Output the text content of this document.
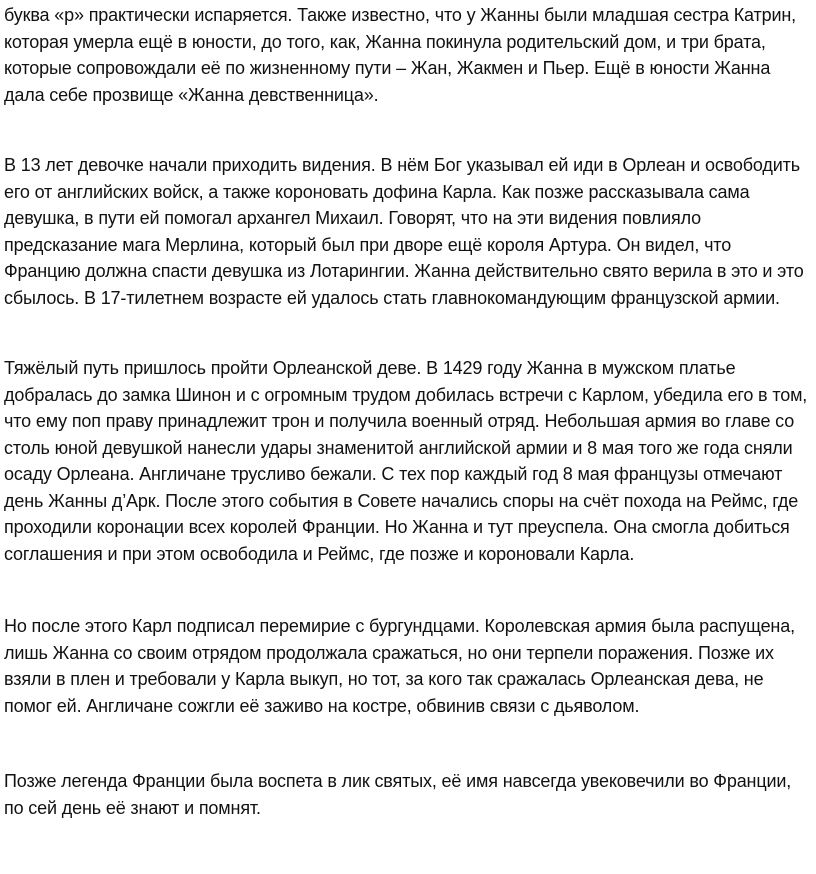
буква «р» практически испаряется. Также известно, что у Жанны были младшая сестра Катрин, которая умерла ещё в юности, до того, как, Жанна покинула родительский дом, и три брата, которые сопровождали её по жизненному пути – Жан, Жакмен и Пьер. Ещё в юности Жанна дала себе прозвище «Жанна девственница».

В 13 лет девочке начали приходить видения. В нём Бог указывал ей иди в Орлеан и освободить его от английских войск, а также короновать дофина Карла. Как позже рассказывала сама девушка, в пути ей помогал архангел Михаил. Говорят, что на эти видения повлияло предсказание мага Мерлина, который был при дворе ещё короля Артура. Он видел, что Францию должна спасти девушка из Лотарингии. Жанна действительно свято верила в это и это сбылось. В 17-тилетнем возрасте ей удалось стать главнокомандующим французской армии.

Тяжёлый путь пришлось пройти Орлеанской деве. В 1429 году Жанна в мужском платье добралась до замка Шинон и с огромным трудом добилась встречи с Карлом, убедила его в том, что ему поп праву принадлежит трон и получила военный отряд. Небольшая армия во главе со столь юной девушкой нанесли удары знаменитой английской армии и 8 мая того же года сняли осаду Орлеана. Англичане трусливо бежали. С тех пор каждый год 8 мая французы отмечают день Жанны д’Арк. После этого события в Совете начались споры на счёт похода на Реймс, где проходили коронации всех королей Франции. Но Жанна и тут преуспела. Она смогла добиться соглашения и при этом освободила и Реймс, где позже и короновали Карла.

Но после этого Карл подписал перемирие с бургундцами. Королевская армия была распущена, лишь Жанна со своим отрядом продолжала сражаться, но они терпели поражения. Позже их взяли в плен и требовали у Карла выкуп, но тот, за кого так сражалась Орлеанская дева, не помог ей. Англичане сожгли её заживо на костре, обвинив связи с дьяволом.

Позже легенда Франции была воспета в лик святых, её имя навсегда увековечили во Франции, по сей день её знают и помнят.
